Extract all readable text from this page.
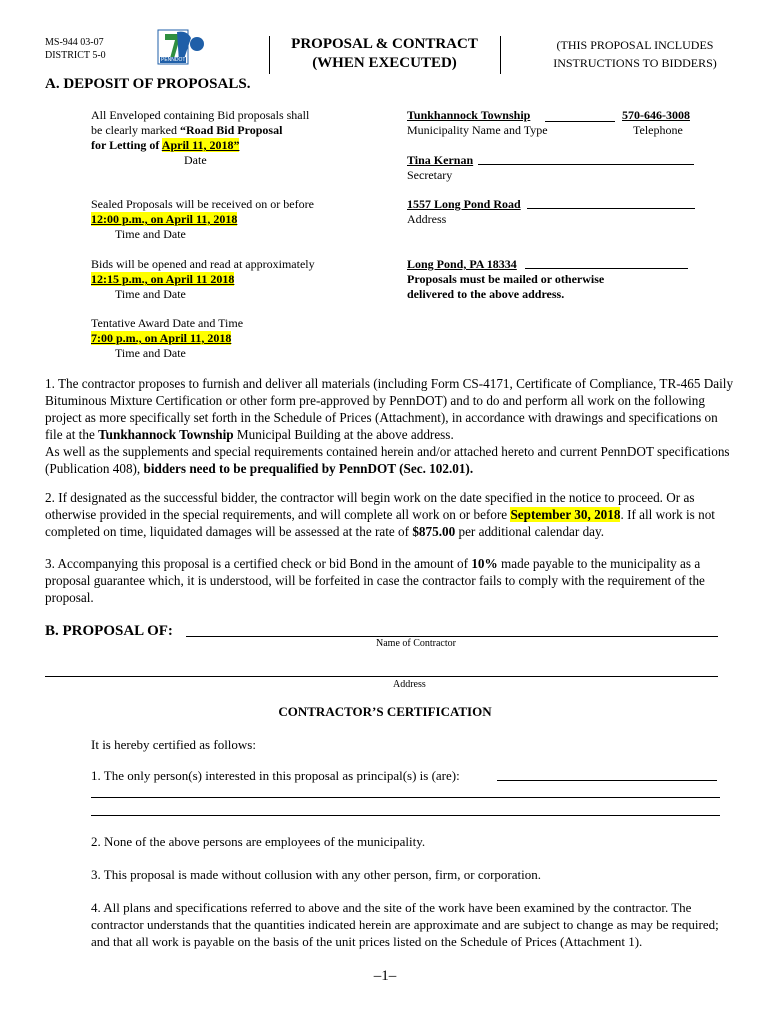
MS-944 03-07
DISTRICT 5-0	PENNDOT
PROPOSAL & CONTRACT
(WHEN EXECUTED)
(THIS PROPOSAL INCLUDES
INSTRUCTIONS TO BIDDERS)
A. DEPOSIT OF PROPOSALS.
All Enveloped containing Bid proposals shall
be clearly marked “Road Bid Proposal
for Letting of April 11, 2018”
Date
Sealed Proposals will be received on or before
12:00 p.m., on April 11, 2018
Time and Date
Bids will be opened and read at approximately
12:15 p.m., on April 11 2018
Time and Date
Tentative Award Date and Time
7:00 p.m., on April 11, 2018
Time and Date
Tunkhannock Township	570-646-3008
Municipality Name and Type	Telephone
Tina Kernan
Secretary
1557 Long Pond Road
Address
Long Pond, PA 18334
Proposals must be mailed or otherwise
delivered to the above address.
1. The contractor proposes to furnish and deliver all materials (including Form CS-4171, Certificate of Compliance, TR-465 Daily Bituminous Mixture Certification or other form pre-approved by PennDOT) and to do and perform all work on the following project as more specifically set forth in the Schedule of Prices (Attachment), in accordance with drawings and specifications on file at the Tunkhannock Township Municipal Building at the above address.
As well as the supplements and special requirements contained herein and/or attached hereto and current PennDOT specifications (Publication 408), bidders need to be prequalified by PennDOT (Sec. 102.01).
2. If designated as the successful bidder, the contractor will begin work on the date specified in the notice to proceed. Or as otherwise provided in the special requirements, and will complete all work on or before September 30, 2018. If all work is not completed on time, liquidated damages will be assessed at the rate of $875.00 per additional calendar day.
3. Accompanying this proposal is a certified check or bid Bond in the amount of 10% made payable to the municipality as a proposal guarantee which, it is understood, will be forfeited in case the contractor fails to comply with the requirement of the proposal.
B. PROPOSAL OF:
Name of Contractor
Address
CONTRACTOR’S CERTIFICATION
It is hereby certified as follows:
1. The only person(s) interested in this proposal as principal(s) is (are):
2. None of the above persons are employees of the municipality.
3. This proposal is made without collusion with any other person, firm, or corporation.
4. All plans and specifications referred to above and the site of the work have been examined by the contractor. The contractor understands that the quantities indicated herein are approximate and are subject to change as may be required; and that all work is payable on the basis of the unit prices listed on the Schedule of Prices (Attachment 1).
–1–
